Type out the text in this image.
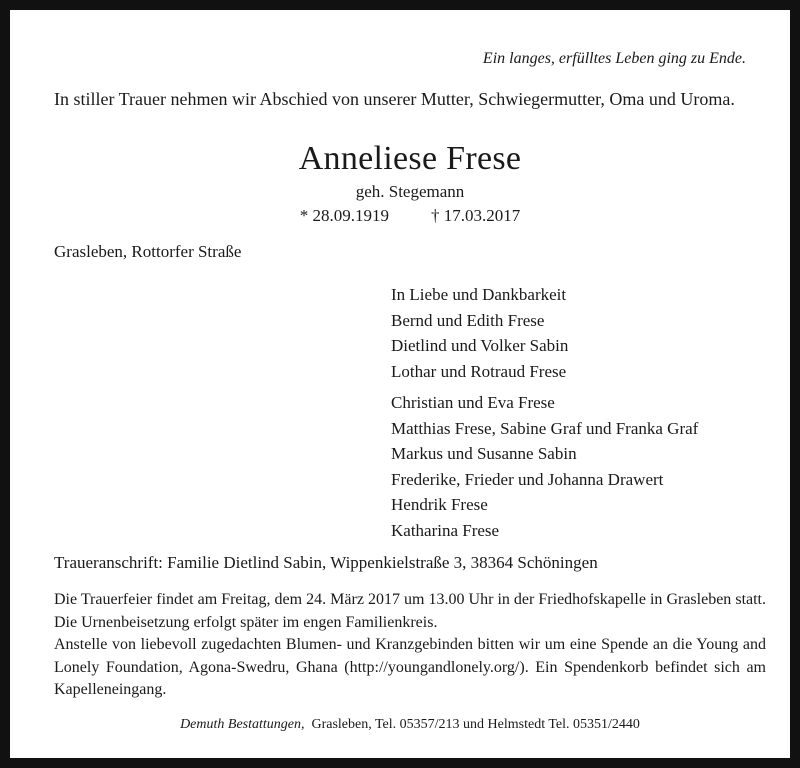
Ein langes, erfülltes Leben ging zu Ende.
In stiller Trauer nehmen wir Abschied von unserer Mutter, Schwiegermutter, Oma und Uroma.
Anneliese Frese
geh. Stegemann
* 28.09.1919 † 17.03.2017
Grasleben, Rottorfer Straße
In Liebe und Dankbarkeit
Bernd und Edith Frese
Dietlind und Volker Sabin
Lothar und Rotraud Frese
Christian und Eva Frese
Matthias Frese, Sabine Graf und Franka Graf
Markus und Susanne Sabin
Frederike, Frieder und Johanna Drawert
Hendrik Frese
Katharina Frese
Traueranschrift: Familie Dietlind Sabin, Wippenkielstraße 3, 38364 Schöningen

Die Trauerfeier findet am Freitag, dem 24. März 2017 um 13.00 Uhr in der Friedhofskapelle in Grasleben statt. Die Urnenbeisetzung erfolgt später im engen Familienkreis.

Anstelle von liebevoll zugedachten Blumen- und Kranzgebinden bitten wir um eine Spende an die Young and Lonely Foundation, Agona-Swedru, Ghana (http://youngandlonely.org/). Ein Spendenkorb befindet sich am Kapelleneingang.

Demuth Bestattungen, Grasleben, Tel. 05357/213 und Helmstedt Tel. 05351/2440
